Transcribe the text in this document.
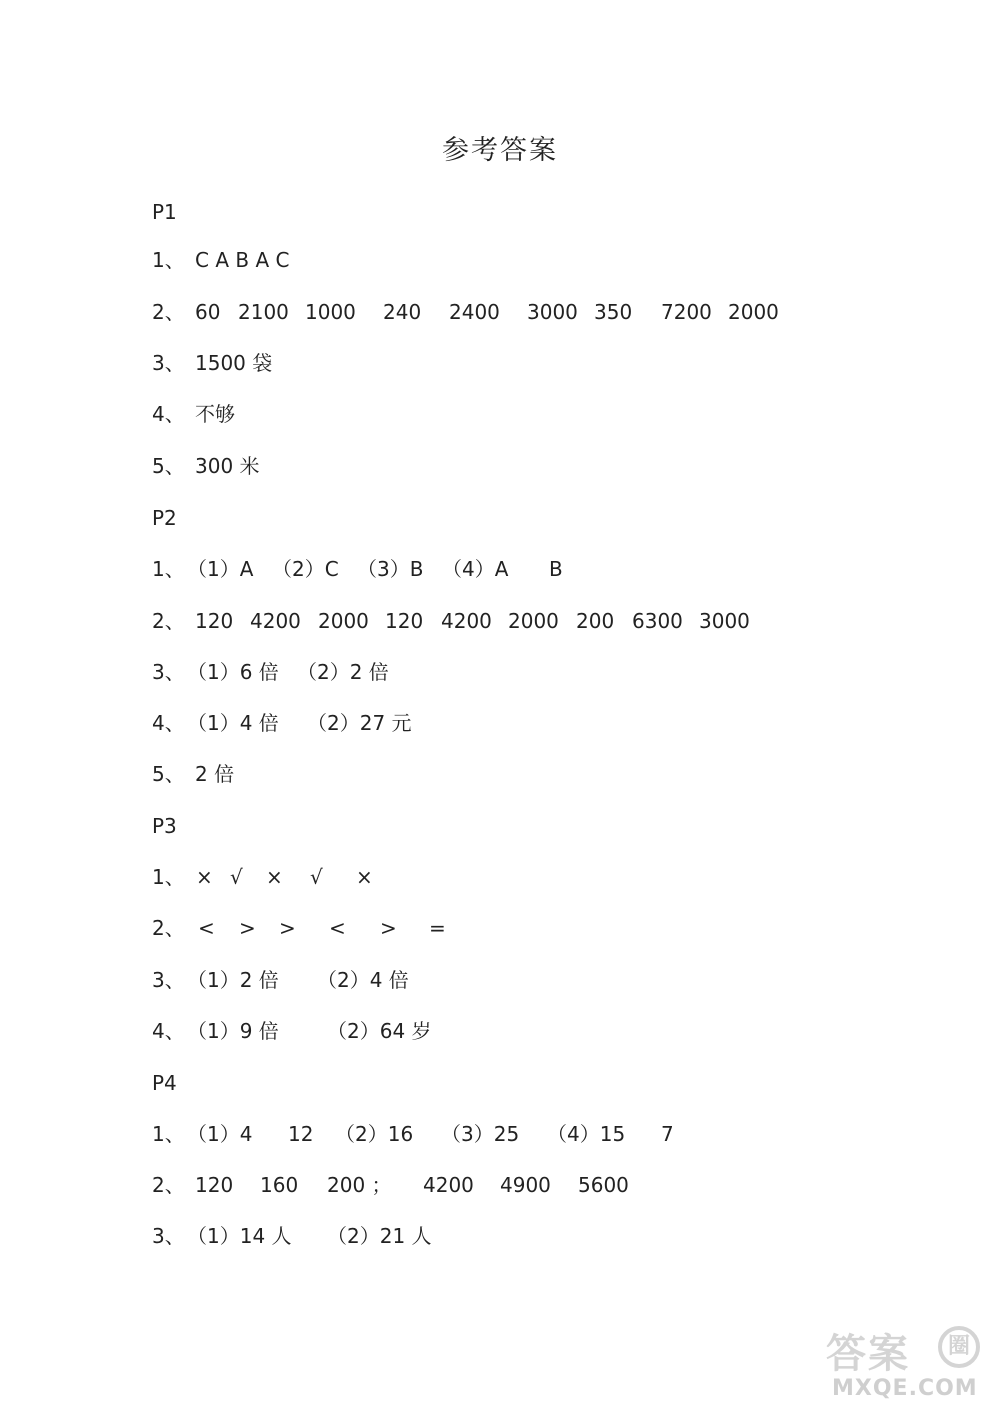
参考答案
P1
1、 C A B A C
2、 60 2100 1000 240 2400 3000 350 7200 2000
3、 1500 袋
4、 不够
5、 300 米
P2
1、 （1）A （2）C （3）B （4）A B
2、 120 4200 2000 120 4200 2000 200 6300 3000
3、 （1）6 倍 （2）2 倍
4、 （1）4 倍 （2）27 元
5、 2 倍
P3
1、 × √ × √ ×
2、 < > > < > =
3、 （1）2 倍 （2）4 倍
4、 （1）9 倍 （2）64 岁
P4
1、 （1）4 12 （2）16 （3）25 （4）15 7
2、 120 160 200 ； 4200 4900 5600
3、 （1）14 人 （2）21 人
答案	圈
MXQE.COM
